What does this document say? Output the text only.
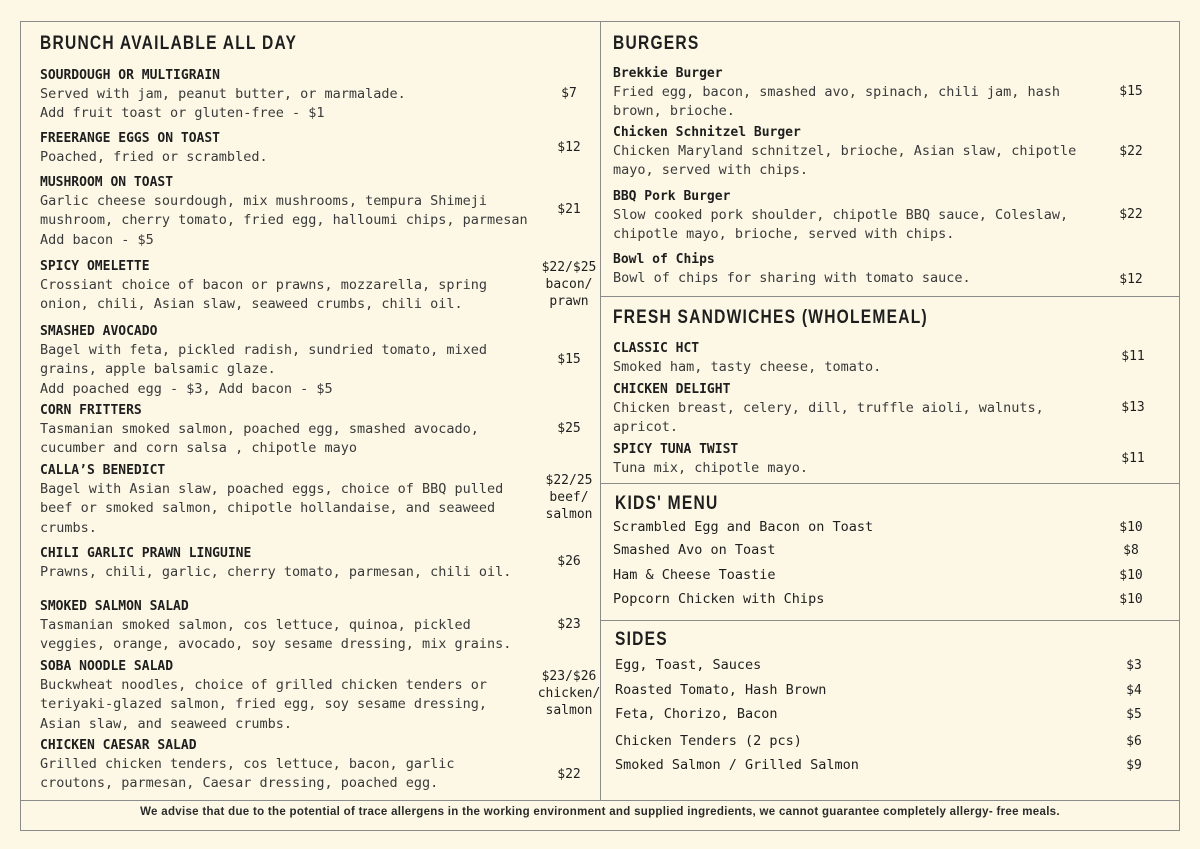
We advise that due to the potential of trace allergens in the working environment and supplied ingredients, we cannot guarantee completely allergy- free meals.
BRUNCH AVAILABLE ALL DAY
SOURDOUGH OR MULTIGRAIN
Served with jam, peanut butter, or marmalade.
Add fruit toast or gluten-free - $1
$7
FREERANGE EGGS ON TOAST
Poached, fried or scrambled.
$12
MUSHROOM ON TOAST
Garlic cheese sourdough, mix mushrooms, tempura Shimeji
mushroom, cherry tomato, fried egg, halloumi chips, parmesan
Add bacon - $5
$21
SPICY OMELETTE
Crossiant choice of bacon or prawns, mozzarella, spring
onion, chili, Asian slaw, seaweed crumbs, chili oil.
$22/$25
bacon/
prawn
SMASHED AVOCADO
Bagel with feta, pickled radish, sundried tomato, mixed
grains, apple balsamic glaze.
Add poached egg - $3, Add bacon - $5
$15
CORN FRITTERS
Tasmanian smoked salmon, poached egg, smashed avocado,
cucumber and corn salsa , chipotle mayo
$25
CALLA’S BENEDICT
Bagel with Asian slaw, poached eggs, choice of BBQ pulled
beef or smoked salmon, chipotle hollandaise, and seaweed
crumbs.
$22/25
beef/
salmon
CHILI GARLIC PRAWN LINGUINE
Prawns, chili, garlic, cherry tomato, parmesan, chili oil.
$26
SMOKED SALMON SALAD
Tasmanian smoked salmon, cos lettuce, quinoa, pickled
veggies, orange, avocado, soy sesame dressing, mix grains.
$23
SOBA NOODLE SALAD
Buckwheat noodles, choice of grilled chicken tenders or
teriyaki-glazed salmon, fried egg, soy sesame dressing,
Asian slaw, and seaweed crumbs.
$23/$26
chicken/
salmon
CHICKEN CAESAR SALAD
Grilled chicken tenders, cos lettuce, bacon, garlic
croutons, parmesan, Caesar dressing, poached egg.
$22
BURGERS
Brekkie Burger
Fried egg, bacon, smashed avo, spinach, chili jam, hash
brown, brioche.
$15
Chicken Schnitzel Burger
Chicken Maryland schnitzel, brioche, Asian slaw, chipotle
mayo, served with chips.
$22
BBQ Pork Burger
Slow cooked pork shoulder, chipotle BBQ sauce, Coleslaw,
chipotle mayo, brioche, served with chips.
$22
Bowl of Chips
Bowl of chips for sharing with tomato sauce.	$12
FRESH SANDWICHES (WHOLEMEAL)
CLASSIC HCT
Smoked ham, tasty cheese, tomato.
$11
CHICKEN DELIGHT
Chicken breast, celery, dill, truffle aioli, walnuts,
apricot.
$13
SPICY TUNA TWIST
Tuna mix, chipotle mayo.
$11
KIDS' MENU
Scrambled Egg and Bacon on Toast	$10
Smashed Avo on Toast	$8
Ham & Cheese Toastie	$10
Popcorn Chicken with Chips	$10
SIDES
Egg, Toast, Sauces	$3
Roasted Tomato, Hash Brown	$4
Feta, Chorizo, Bacon	$5
Chicken Tenders (2 pcs)	$6
Smoked Salmon / Grilled Salmon	$9
